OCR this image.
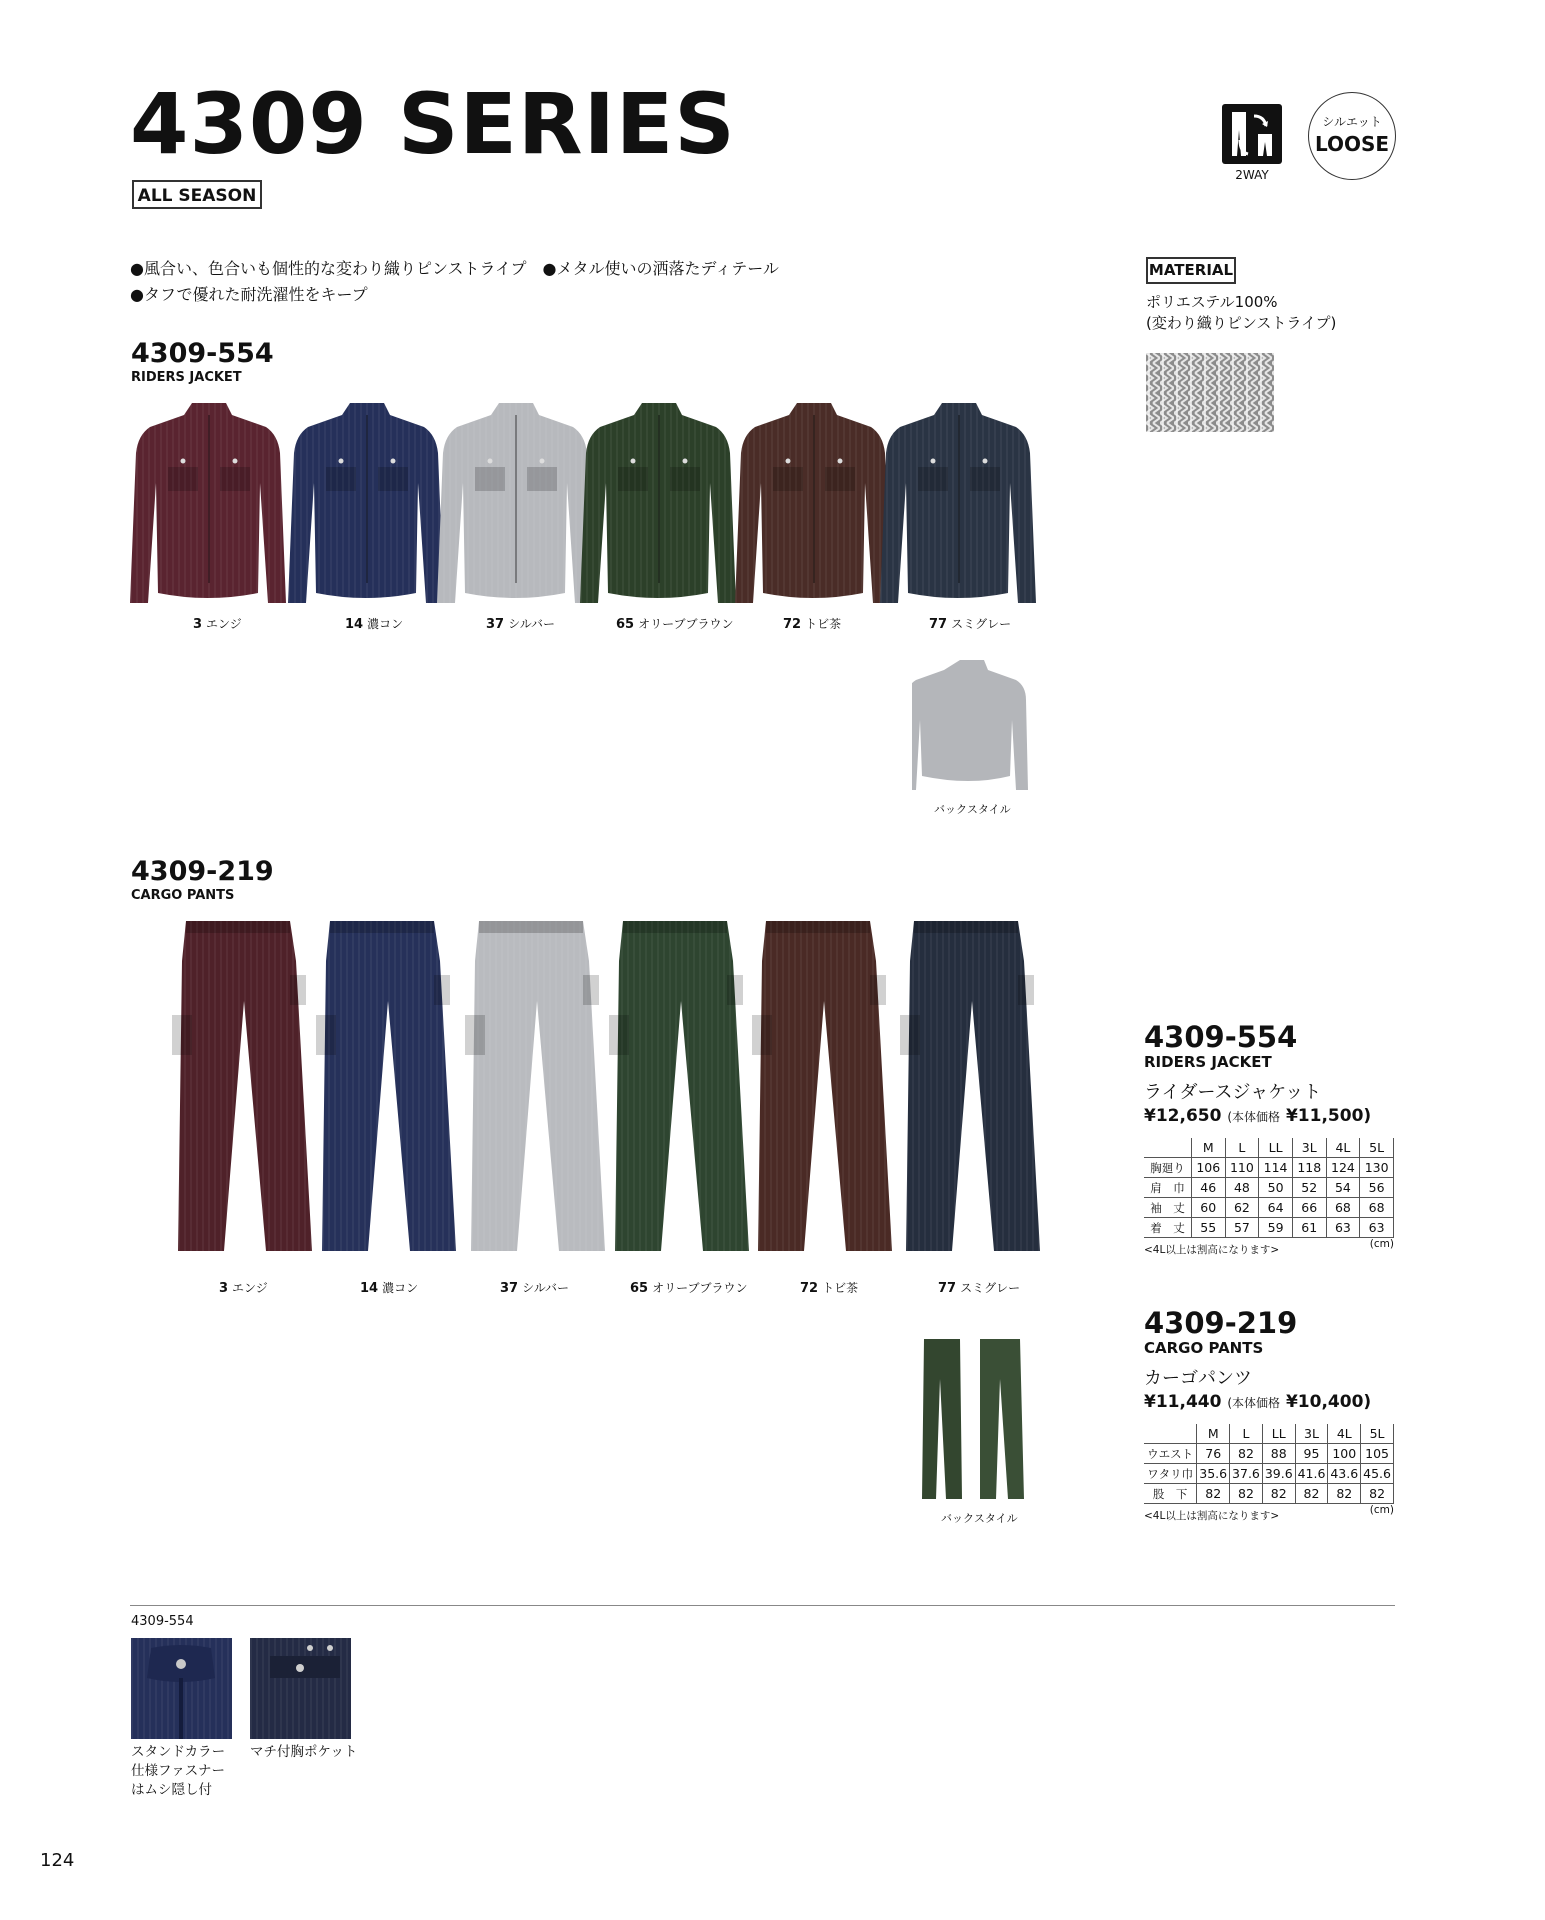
4309 SERIES
ALL SEASON
2WAY
シルエット
LOOSE
●風合い、色合いも個性的な変わり織りピンストライプ　●メタル使いの洒落たディテール
●タフで優れた耐洗濯性をキープ
MATERIAL
ポリエステル100%
(変わり織りピンストライプ)
4309-554
RIDERS JACKET
3 エンジ	14 濃コン	37 シルバー	65 オリーブブラウン	72 トビ茶	77 スミグレー
バックスタイル
4309-219
CARGO PANTS
3 エンジ	14 濃コン	37 シルバー	65 オリーブブラウン	72 トビ茶	77 スミグレー
バックスタイル
4309-554
RIDERS JACKET
ライダースジャケット
¥12,650 (本体価格 ¥11,500)
	M	L	LL	3L	4L	5L
胸廻り	106	110	114	118	124	130
肩　巾	46	48	50	52	54	56
袖　丈	60	62	64	66	68	68
着　丈	55	57	59	61	63	63
<4L以上は割高になります>	(cm)
4309-219
CARGO PANTS
カーゴパンツ
¥11,440 (本体価格 ¥10,400)
	M	L	LL	3L	4L	5L
ウエスト	76	82	88	95	100	105
ワタリ巾	35.6	37.6	39.6	41.6	43.6	45.6
股　下	82	82	82	82	82	82
<4L以上は割高になります>	(cm)
4309-554
スタンドカラー
仕様ファスナー
はムシ隠し付
マチ付胸ポケット
124
